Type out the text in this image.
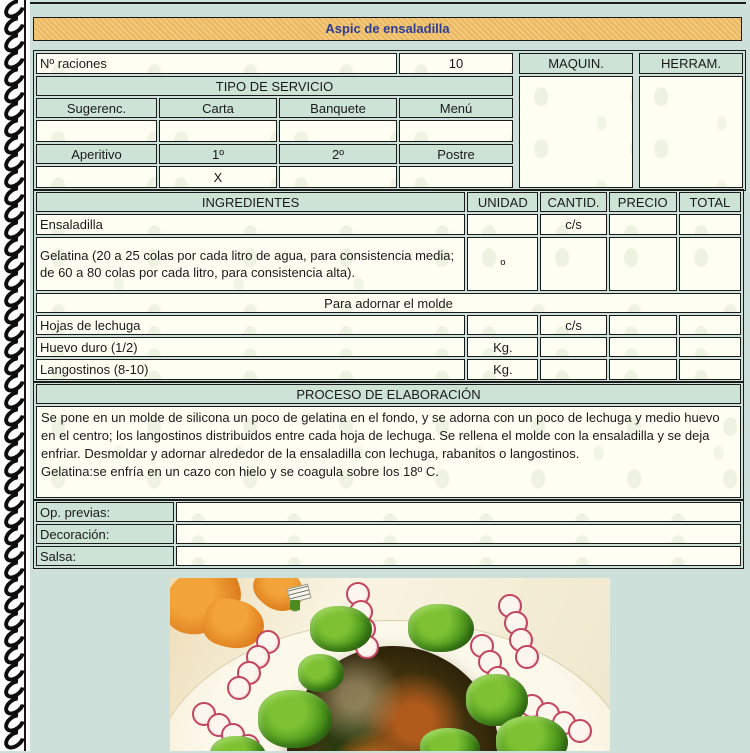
Aspic de ensaladilla
Nº raciones			10		MAQUIN.		HERRAM.
TIPO DE SERVICIO							
Sugerenc.	Carta	Banquete	Menú				

Aperitivo	1º	2º	Postre				
	X						
INGREDIENTES	UNIDAD	CANTID.	PRECIO	TOTAL
Ensaladilla		c/s		
Gelatina (20 a 25 colas por cada litro de agua, para consistencia media; de 60 a 80 colas por cada litro, para consistencia alta).	º			
Para adornar el molde				
Hojas de lechuga		c/s		
Huevo duro (1/2)	Kg.			
Langostinos (8-10)	Kg.			
PROCESO DE ELABORACIÓN

Se pone en un molde de silicona un poco de gelatina en el fondo, y se adorna con un poco de lechuga y medio huevo en el centro; los langostinos distribuidos entre cada hoja de lechuga. Se rellena el molde con la ensaladilla y se deja enfriar. Desmoldar y adornar alrededor de la ensaladilla con lechuga, rabanitos o langostinos.
Gelatina:se enfría en un cazo con hielo y se coagula sobre los 18º C.
Op. previas:	
Decoración:	
Salsa:	
